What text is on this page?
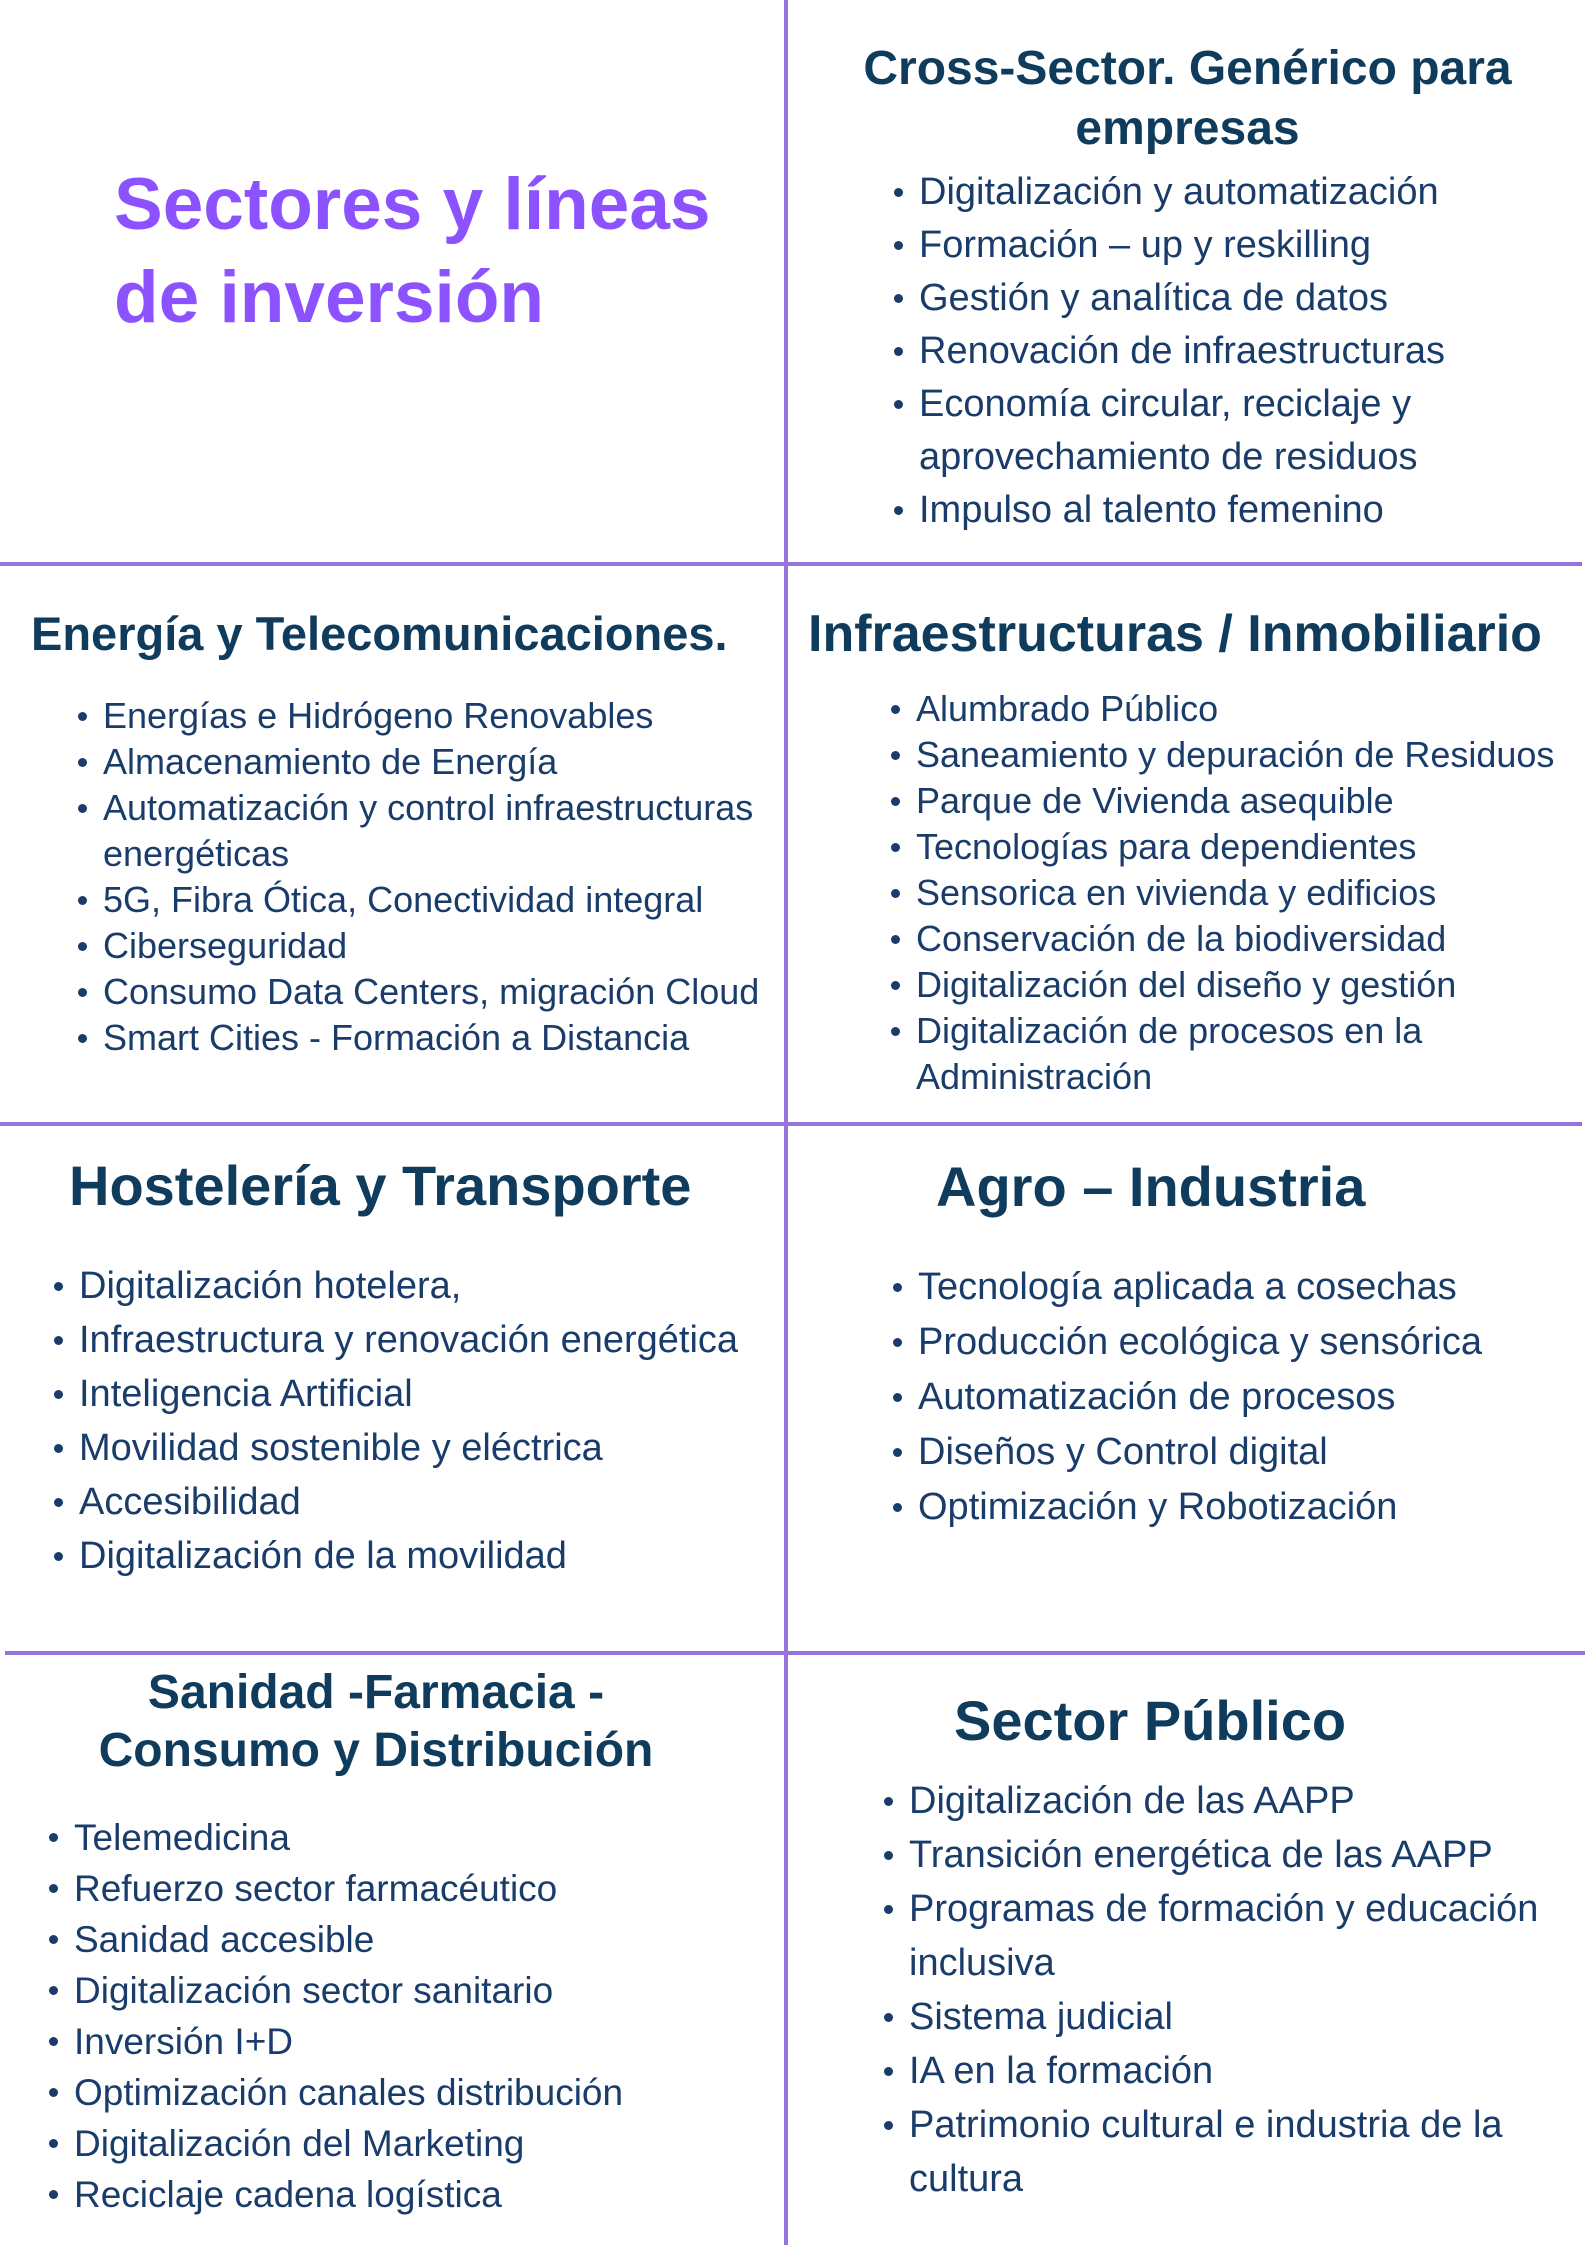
Sectores y líneas de inversión
Cross-Sector. Genérico para empresas
Digitalización y automatización
Formación – up y reskilling
Gestión y analítica de datos
Renovación de infraestructuras
Economía circular, reciclaje y aprovechamiento de residuos
Impulso al talento femenino
Energía y Telecomunicaciones.
Energías e Hidrógeno Renovables
Almacenamiento de Energía
Automatización y control infraestructuras energéticas
5G, Fibra Ótica, Conectividad integral
Ciberseguridad
Consumo Data Centers, migración Cloud
Smart Cities - Formación a Distancia
Infraestructuras / Inmobiliario
Alumbrado Público
Saneamiento y depuración de Residuos
Parque de Vivienda asequible
Tecnologías para dependientes
Sensorica en vivienda y edificios
Conservación de la biodiversidad
Digitalización del diseño y gestión
Digitalización de procesos en la Administración
Hostelería y Transporte
Digitalización hotelera,
Infraestructura y renovación energética
Inteligencia Artificial
Movilidad sostenible y eléctrica
Accesibilidad
Digitalización de la movilidad
Agro – Industria
Tecnología aplicada a cosechas
Producción ecológica y sensórica
Automatización de procesos
Diseños y Control digital
Optimización y Robotización
Sanidad -Farmacia - Consumo y Distribución
Telemedicina
Refuerzo sector farmacéutico
Sanidad accesible
Digitalización sector sanitario
Inversión I+D
Optimización canales distribución
Digitalización del Marketing
Reciclaje cadena logística
Sector Público
Digitalización de las AAPP
Transición energética de las AAPP
Programas de formación y educación inclusiva
Sistema judicial
IA en la formación
Patrimonio cultural e industria de la cultura
